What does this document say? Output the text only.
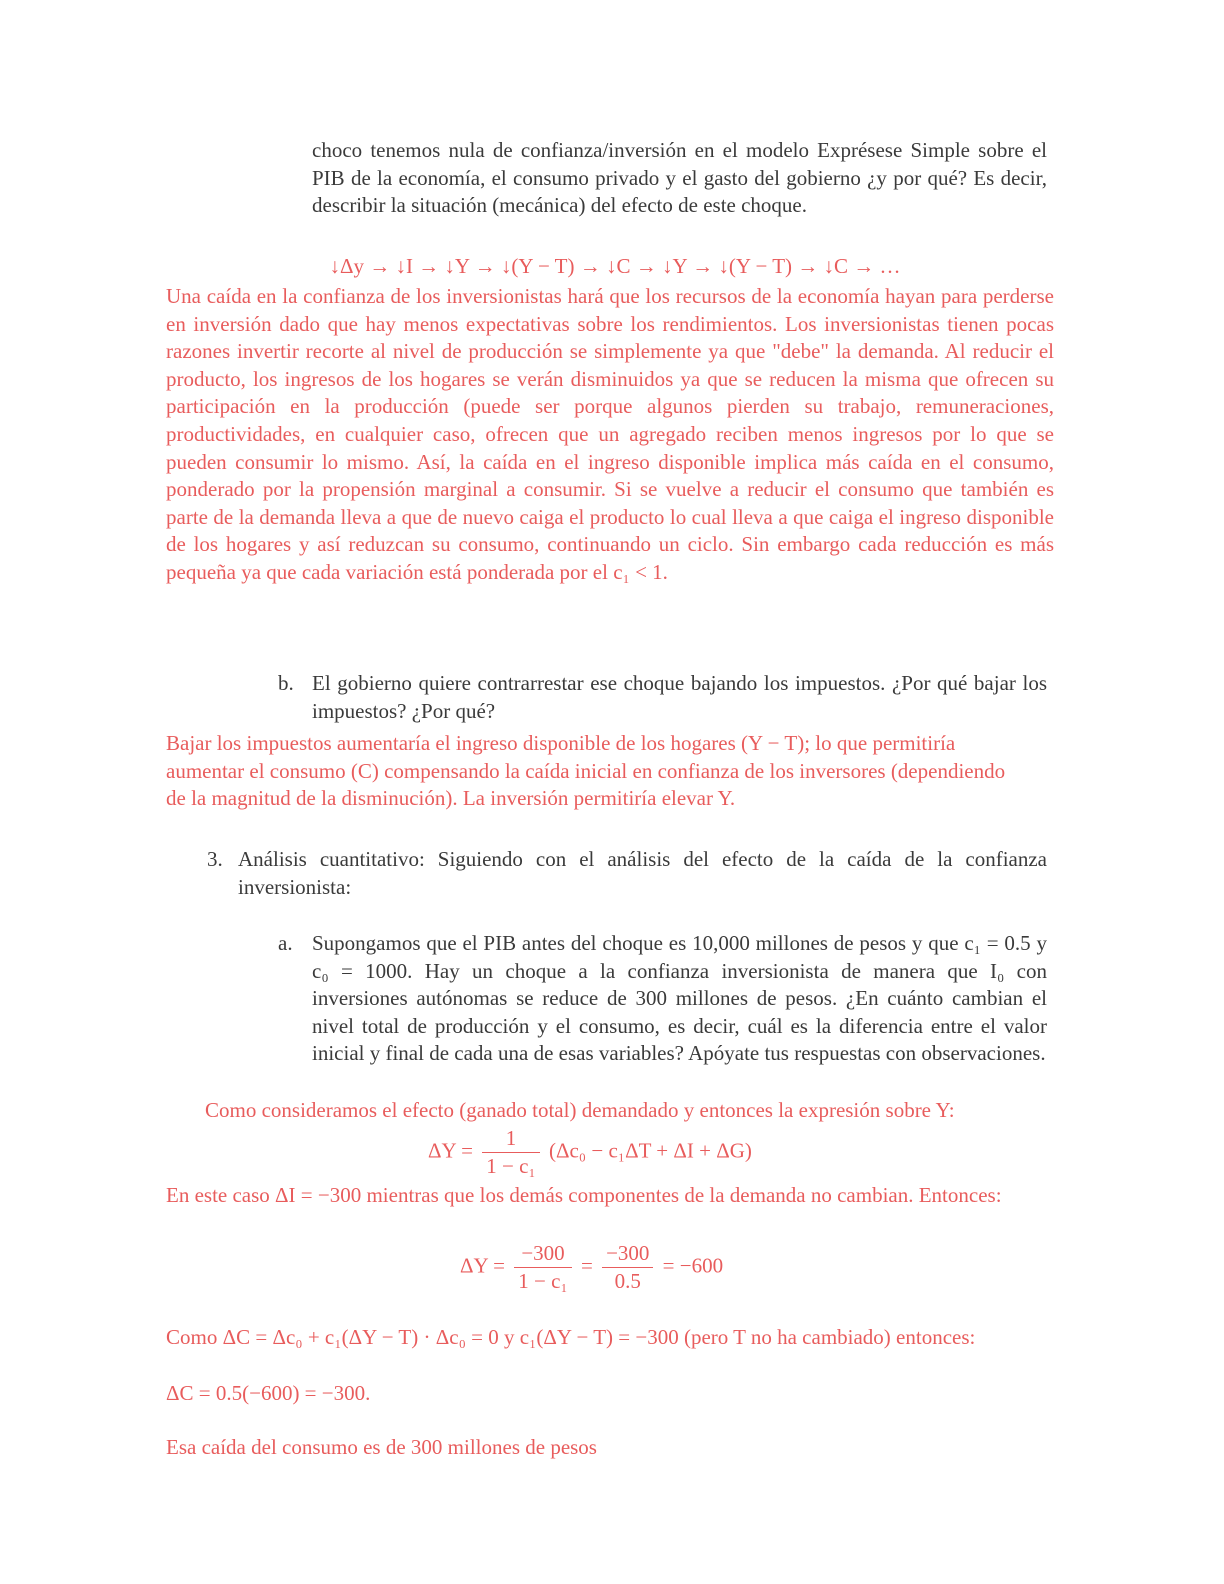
choco tenemos nula de confianza/inversión en el modelo Exprésese Simple sobre el PIB de la economía, el consumo privado y el gasto del gobierno ¿y por qué? Es decir, describir la situación (mecánica) del efecto de este choque.
↓Δy → ↓I → ↓Y → ↓(Y − T) → ↓C → ↓Y → ↓(Y − T) → ↓C → …
Una caída en la confianza de los inversionistas hará que los recursos de la economía hayan para perderse en inversión dado que hay menos expectativas sobre los rendimientos. Los inversionistas tienen pocas razones invertir recorte al nivel de producción se simplemente ya que "debe" la demanda. Al reducir el producto, los ingresos de los hogares se verán disminuidos ya que se reducen la misma que ofrecen su participación en la producción (puede ser porque algunos pierden su trabajo, remuneraciones, productividades, en cualquier caso, ofrecen que un agregado reciben menos ingresos por lo que se pueden consumir lo mismo. Así, la caída en el ingreso disponible implica más caída en el consumo, ponderado por la propensión marginal a consumir. Si se vuelve a reducir el consumo que también es parte de la demanda lleva a que de nuevo caiga el producto lo cual lleva a que caiga el ingreso disponible de los hogares y así reduzcan su consumo, continuando un ciclo. Sin embargo cada reducción es más pequeña ya que cada variación está ponderada por el c₁ < 1.
b. El gobierno quiere contrarrestar ese choque bajando los impuestos. ¿Por qué bajar los impuestos? ¿Por qué?
Bajar los impuestos aumentaría el ingreso disponible de los hogares (Y − T); lo que permitiría aumentar el consumo (C) compensando la caída inicial en confianza de los inversores (dependiendo de la magnitud de la disminución). La inversión permitiría elevar Y.
3. Análisis cuantitativo: Siguiendo con el análisis del efecto de la caída de la confianza inversionista:
a. Supongamos que el PIB antes del choque es 10,000 millones de pesos y que c₁ = 0.5 y c₀ = 1000. Hay un choque a la confianza inversionista de manera que I₀ con inversiones autónomas se reduce de 300 millones de pesos. ¿En cuánto cambian el nivel total de producción y el consumo, es decir, cuál es la diferencia entre el valor inicial y final de cada una de esas variables? Apóyate tus respuestas con observaciones.
Como consideramos el efecto (ganado total) demandado y entonces la expresión sobre Y:
$\Delta Y = \frac{1}{\text{1 − c₁}} (\Delta c_0 - c_1\Delta T + \Delta I + \Delta G)$
En este caso ΔI = −300 mientras que los demás componentes de la demanda no cambian. Entonces:
$\Delta Y = \frac{-300}{\text{1 − c₁}} = \frac{-300}{0.5} = -600$
Como ΔC = Δc₀ + c₁(ΔY − T) · Δc₀ = 0 y c₁(ΔY − T) = −300 (pero T no ha cambiado) entonces:
ΔC = 0.5(−600) = −300.
Esa caída del consumo es de 300 millones de pesos
